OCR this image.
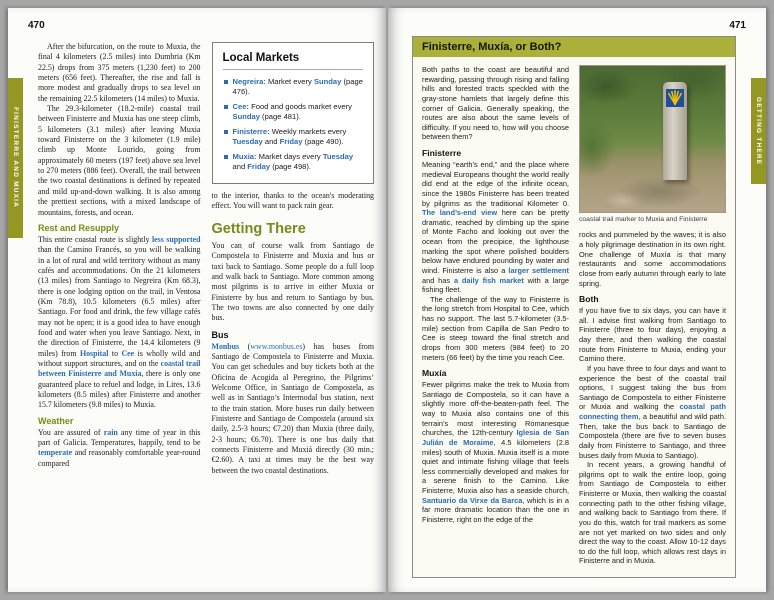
470

After the bifurcation, on the route to Muxia, the final 4 kilometers (2.5 miles) into Dumbria (Km 22.5) drops from 375 meters (1,230 feet) to 200 meters (656 feet). Thereafter, the rise and fall is more modest and gradually drops to sea level on the remaining 22.5 kilometers (14 miles) to Muxia.

The 29.3-kilometer (18.2-mile) coastal trail between Finisterre and Muxia has one steep climb, 5 kilometers (3.1 miles) after leaving Muxia toward Finisterre on the 3 kilometer (1.9 mile) climb up Monte Lourido, going from approximately 60 meters (197 feet) above sea level to 270 meters (886 feet). Overall, the trail between the two coastal destinations is defined by repeated and mild up-and-down walking. It is also among the prettiest sections, with a mixed landscape of mountains, forests, and ocean.

Rest and Resupply

This entire coastal route is slightly less supported than the Camino Francés, so you will be walking in a lot of rural and wild territory without as many cafés and accommodations. On the 21 kilometers (13 miles) from Santiago to Negreira (Km 68.3), there is one lodging option on the trail, in Ventosa (Km 78.8), 10.5 kilometers (6.5 miles) after Santiago. For food and drink, the few village cafés may not be open; it is a good idea to have enough food and water when you leave Santiago. Next, in the direction of Finisterre, the 14.4 kilometers (9 miles) from Hospital to Cee is wholly wild and without support structures, and on the coastal trail between Finisterre and Muxia, there is only one guaranteed place to refuel and lodge, in Lires, 13.6 kilometers (8.5 miles) after Finisterre and another 15.7 kilometers (9.8 miles) to Muxia.

Weather

You are assured of rain any time of year in this part of Galicia. Temperatures, happily, tend to be temperate and reasonably comfortable year-round compared

Local Markets
Negreira: Market every Sunday (page 476).
Cee: Food and goods market every Sunday (page 481).
Finisterre: Weekly markets every Tuesday and Friday (page 490).
Muxia: Market days every Tuesday and Friday (page 498).

to the interior, thanks to the ocean's moderating effect. You will want to pack rain gear.

Getting There

You can of course walk from Santiago de Compostela to Finisterre and Muxia and bus or taxi back to Santiago. Some people do a full loop and walk back to Santiago. More common among most pilgrims is to arrive in either Muxia or Finisterre by bus and return to Santiago by bus. The two towns are also connected by one daily bus.

Bus

Monbus (www.monbus.es) has buses from Santiago de Compostela to Finisterre and Muxia. You can get schedules and buy tickets both at the Oficina de Acogida al Peregrino, the Pilgrims’ Welcome Office, in Santiago de Compostela, as well as in Santiago’s Intermodal bus station, next to the train station. More buses run daily between Finisterre and Santiago de Compostela (around six daily, 2.5-3 hours; €7.20) than Muxia (three daily, 2-3 hours; €6.70). There is one bus daily that connects Finisterre and Muxiá directly (30 min.; €2.60). A taxi at times may be the best way between the two coastal destinations.

FINISTERRE AND MUXIA
471
Finisterre, Muxía, or Both?

Both paths to the coast are beautiful and rewarding, passing through rising and falling hills and forested tracts speckled with the gray-stone hamlets that largely define this corner of Galicia. Generally speaking, the routes are also about the same levels of difficulty. If you need to, how will you choose between them?

Finisterre

Meaning “earth’s end,” and the place where medieval Europeans thought the world really did end at the edge of the infinite ocean, since the 1980s Finisterre has been treated by pilgrims as the traditional Kilometer 0. The land’s-end view here can be pretty dramatic, reached by climbing up the spine of Monte Facho and looking out over the ocean from the precipice, the lighthouse marking the spot where polished boulders below have endured pounding by water and wind. Finisterre is also a larger settlement and has a daily fish market with a large fishing fleet.

The challenge of the way to Finisterre is the long stretch from Hospital to Cee, which has no support. The last 5.7-kilometer (3.5-mile) section from Capilla de San Pedro to Cee is steep toward the final stretch and drops from 300 meters (984 feet) to 20 meters (66 feet) by the time you reach Cee.

Muxía

Fewer pilgrims make the trek to Muxia from Santiago de Compostela, so it can have a slightly more off-the-beaten-path feel. The way to Muxia also contains one of this terrain’s most interesting Romanesque churches, the 12th-century Iglesia de San Julián de Moraime, 4.5 kilometers (2.8 miles) south of Muxia. Muxia itself is a more quiet and intimate fishing village that feels less commercially developed and makes for a serene finish to the Camino. Like Finisterre, Muxia also has a seaside church, Santuario da Virxe da Barca, which is in a far more dramatic location than the one in Finisterre, right on the edge of the

coastal trail marker to Muxia and Finisterre

rocks and pummeled by the waves; it is also a holy pilgrimage destination in its own right. One challenge of Muxía is that many restaurants and some accommodations close from early autumn through early to late spring.

Both

If you have five to six days, you can have it all. I advise first walking from Santiago to Finisterre (three to four days), enjoying a day there, and then walking the coastal route from Finisterre to Muxia, ending your Camino there.

If you have three to four days and want to experience the best of the coastal trail options, I suggest taking the bus from Santiago de Compostela to either Finisterre or Muxia and walking the coastal path connecting them, a beautiful and wild path. Then, take the bus back to Santiago de Compostela (there are five to seven buses daily from Finisterre to Santiago, and three buses daily from Muxia to Santiago).

In recent years, a growing handful of pilgrims opt to walk the entire loop, going from Santiago de Compostela to either Finisterre or Muxia, then walking the coastal connecting path to the other fishing village, and walking back to Santiago from there. If you do this, watch for trail markers as some are not yet marked on two sides and only direct the way to the coast. Allow 10-12 days to do the full loop, which allows rest days in Finisterre and in Muxia.

GETTING THERE
